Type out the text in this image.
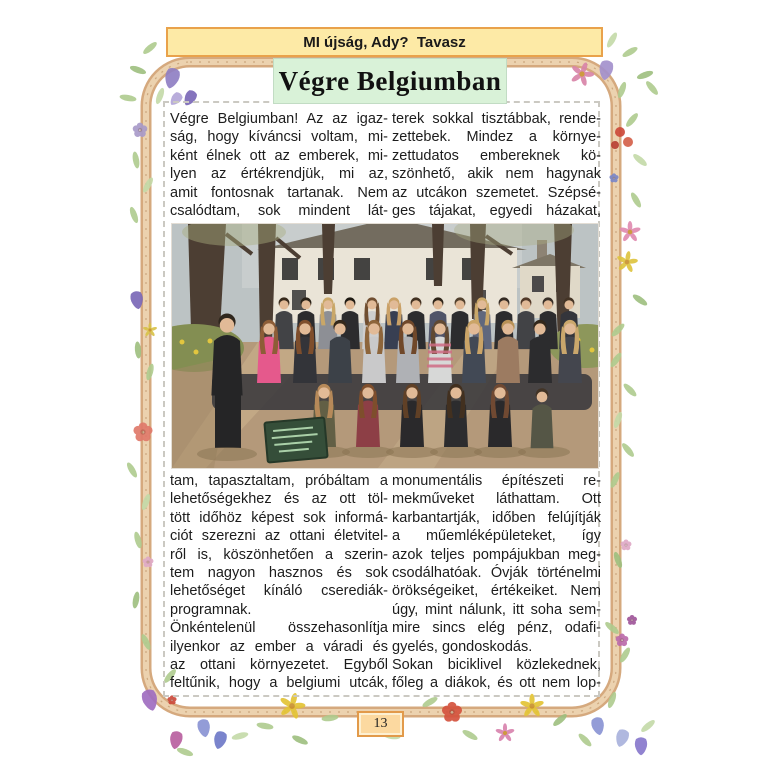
MI újság, Ady?  Tavasz
Végre Belgiumban
Végre Belgiumban! Az az igaz-
ság, hogy kíváncsi voltam, mi-
ként élnek ott az emberek, mi-
lyen az értékrendjük, mi az,
amit fontosnak tartanak. Nem
csalódtam, sok mindent lát-
terek sokkal tisztábbak, rende-
zettebek. Mindez a környe-
zettudatos embereknek kö-
szönhető, akik nem hagynak
az utcákon szemetet. Szépsé-
ges tájakat, egyedi házakat,
tam, tapasztaltam, próbáltam a
lehetőségekhez és az ott töl-
tött időhöz képest sok informá-
ciót szerezni az ottani életvitel-
ről is, köszönhetően a szerin-
tem nagyon hasznos és sok
lehetőséget kínáló cserediák-
programnak.
Önkéntelenül összehasonlítja
ilyenkor az ember a váradi és
az ottani környezetet. Egyből
feltűnik, hogy a belgiumi utcák,
monumentális építészeti re-
mekműveket láthattam. Ott
karbantartják, időben felújítják
a műemléképületeket, így
azok teljes pompájukban meg-
csodálhatóak. Óvják történelmi
örökségeiket, értékeiket. Nem
úgy, mint nálunk, itt soha sem-
mire sincs elég pénz, odafi-
gyelés, gondoskodás.
Sokan biciklivel közlekednek,
főleg a diákok, és ott nem lop-
13
